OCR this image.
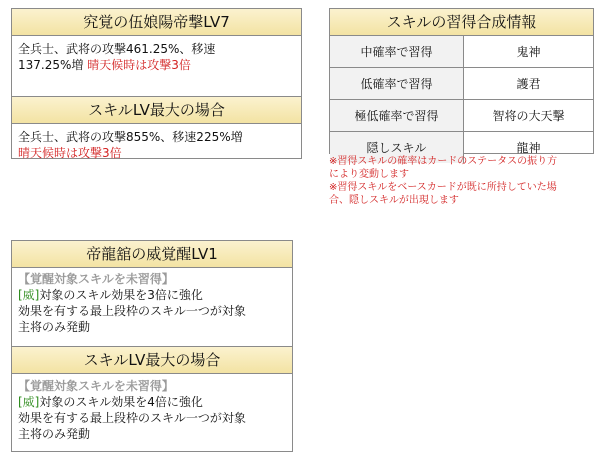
究覚の伍娘陽帝撃LV7
全兵士、武将の攻撃461.25%、移速
137.25%増 晴天候時は攻撃3倍
スキルLV最大の場合
全兵士、武将の攻撃855%、移速225%増
晴天候時は攻撃3倍
スキルの習得合成情報
中確率で習得	鬼神
低確率で習得	護君
極低確率で習得	智将の大天撃
隠しスキル	龍神
※習得スキルの確率はカードのステータスの振り方
により変動します
※習得スキルをベースカードが既に所持していた場
合、隠しスキルが出現します
帝龍舘の威覚醒LV1
【覚醒対象スキルを未習得】
[威]対象のスキル効果を3倍に強化
効果を有する最上段枠のスキル一つが対象
主将のみ発動
スキルLV最大の場合
【覚醒対象スキルを未習得】
[威]対象のスキル効果を4倍に強化
効果を有する最上段枠のスキル一つが対象
主将のみ発動
